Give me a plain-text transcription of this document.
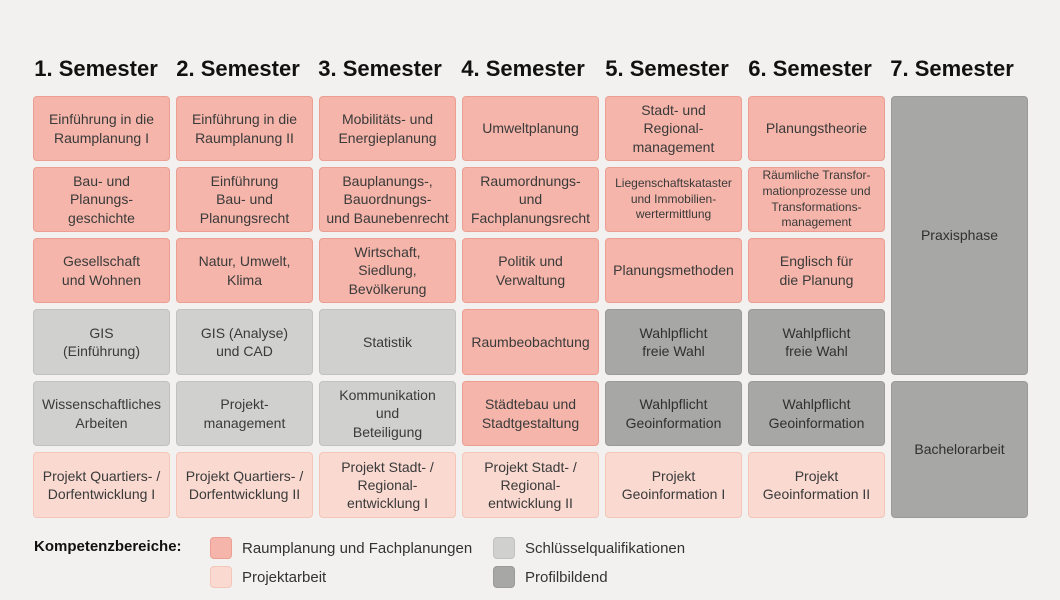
1. Semester 2. Semester 3. Semester 4. Semester 5. Semester 6. Semester 7. Semester
Einführung in die
Raumplanung I
Bau- und Planungs-
geschichte
Gesellschaft
und Wohnen
GIS
(Einführung)
Wissenschaftliches
Arbeiten
Projekt Quartiers- /
Dorfentwicklung I
Einführung in die
Raumplanung II
Einführung
Bau- und
Planungsrecht
Natur, Umwelt,
Klima
GIS (Analyse)
und CAD
Projekt-
management
Projekt Quartiers- /
Dorfentwicklung II
Mobilitäts- und
Energieplanung
Bauplanungs-,
Bauordnungs-
und Baunebenrecht
Wirtschaft,
Siedlung,
Bevölkerung
Statistik
Kommunikation
und
Beteiligung
Projekt Stadt- /
Regional-
entwicklung I
Umweltplanung
Raumordnungs- und
Fachplanungsrecht
Politik und
Verwaltung
Raumbeobachtung
Städtebau und
Stadtgestaltung
Projekt Stadt- /
Regional-
entwicklung II
Stadt- und
Regional-
management
Liegenschaftskataster
und Immobilien-
wertermittlung
Planungsmethoden
Wahlpflicht
freie Wahl
Wahlpflicht
Geoinformation
Projekt
Geoinformation I
Planungstheorie
Räumliche Transfor-
mationprozesse und
Transformations-
management
Englisch für
die Planung
Wahlpflicht
freie Wahl
Wahlpflicht
Geoinformation
Projekt
Geoinformation II
Praxisphase
Bachelorarbeit
Kompetenzbereiche:	Raumplanung und Fachplanungen
Projektarbeit
Schlüsselqualifikationen
Profilbildend
